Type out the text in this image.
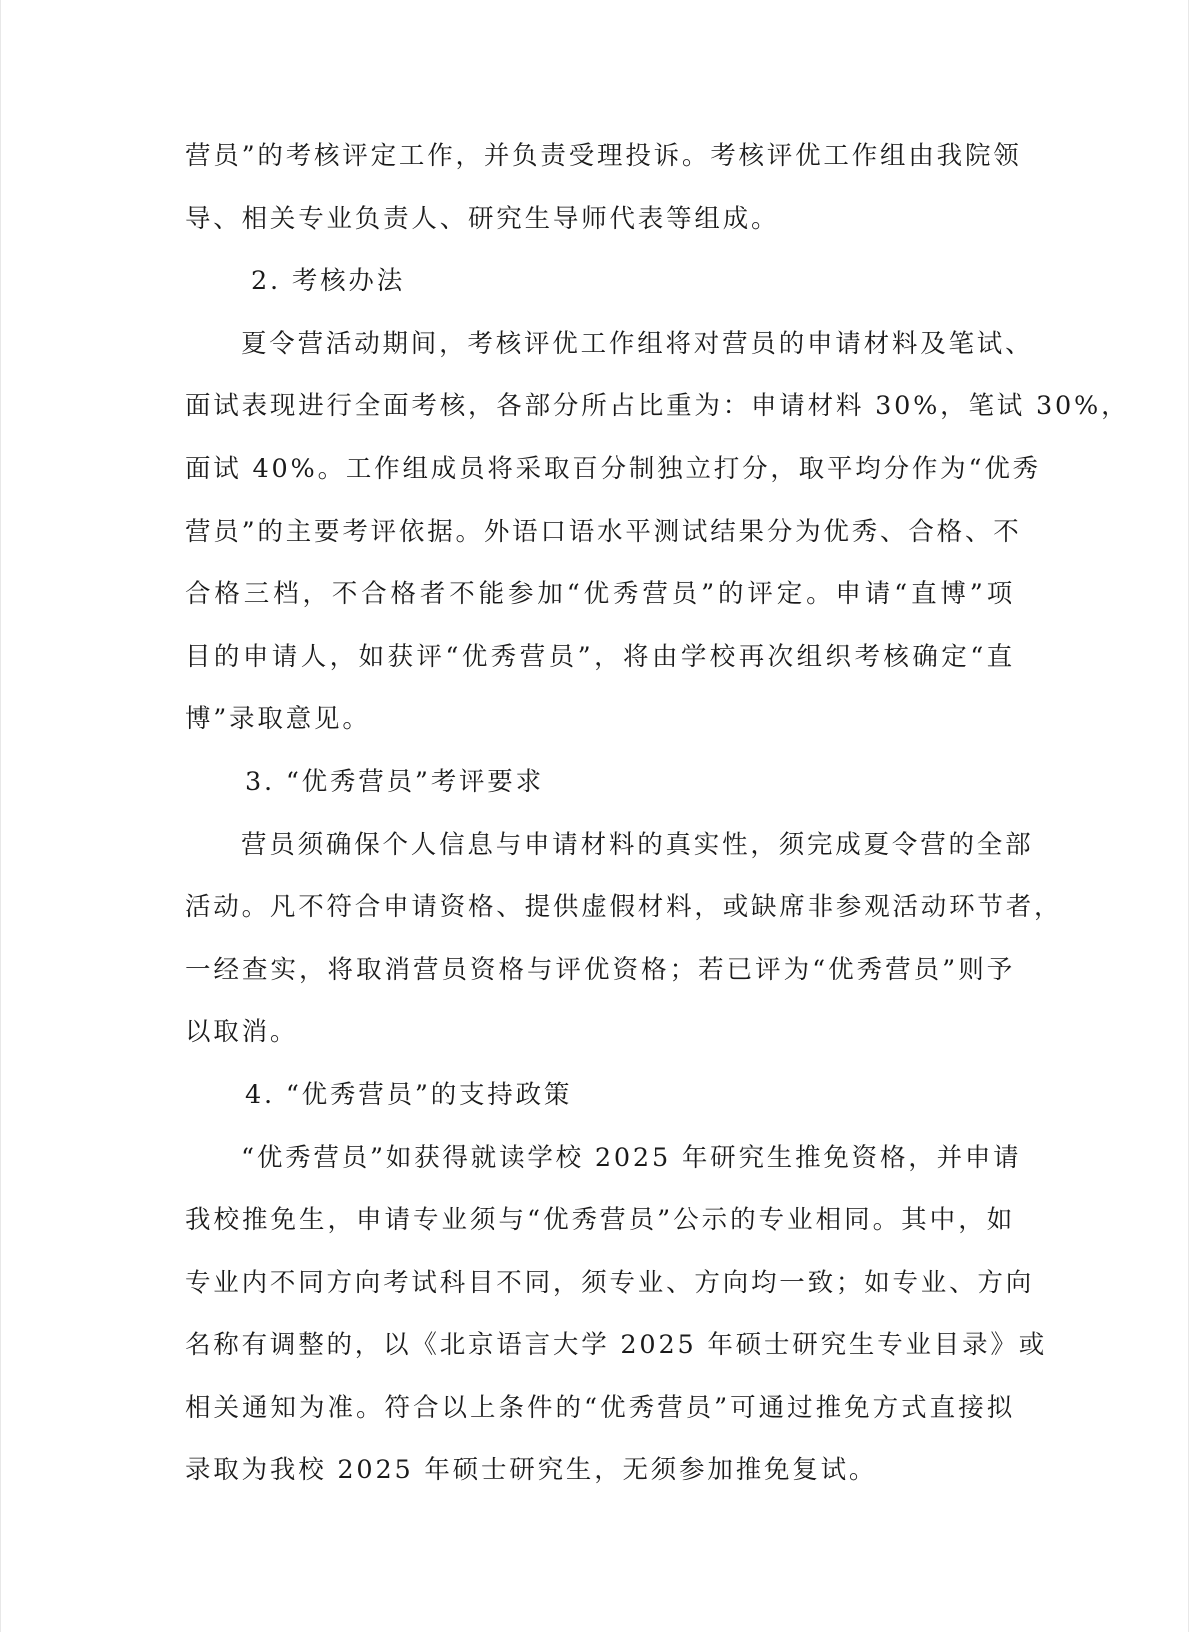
营员”的考核评定工作，并负责受理投诉。考核评优工作组由我院领
导、相关专业负责人、研究生导师代表等组成。
2. 考核办法
夏令营活动期间，考核评优工作组将对营员的申请材料及笔试、
面试表现进行全面考核，各部分所占比重为：申请材料 30%，笔试 30%，
面试 40%。工作组成员将采取百分制独立打分，取平均分作为“优秀
营员”的主要考评依据。外语口语水平测试结果分为优秀、合格、不
合格三档，不合格者不能参加“优秀营员”的评定。申请“直博”项
目的申请人，如获评“优秀营员”，将由学校再次组织考核确定“直
博”录取意见。
3. “优秀营员”考评要求
营员须确保个人信息与申请材料的真实性，须完成夏令营的全部
活动。凡不符合申请资格、提供虚假材料，或缺席非参观活动环节者，
一经查实，将取消营员资格与评优资格；若已评为“优秀营员”则予
以取消。
4. “优秀营员”的支持政策
“优秀营员”如获得就读学校 2025 年研究生推免资格，并申请
我校推免生，申请专业须与“优秀营员”公示的专业相同。其中，如
专业内不同方向考试科目不同，须专业、方向均一致；如专业、方向
名称有调整的，以《北京语言大学 2025 年硕士研究生专业目录》或
相关通知为准。符合以上条件的“优秀营员”可通过推免方式直接拟
录取为我校 2025 年硕士研究生，无须参加推免复试。
